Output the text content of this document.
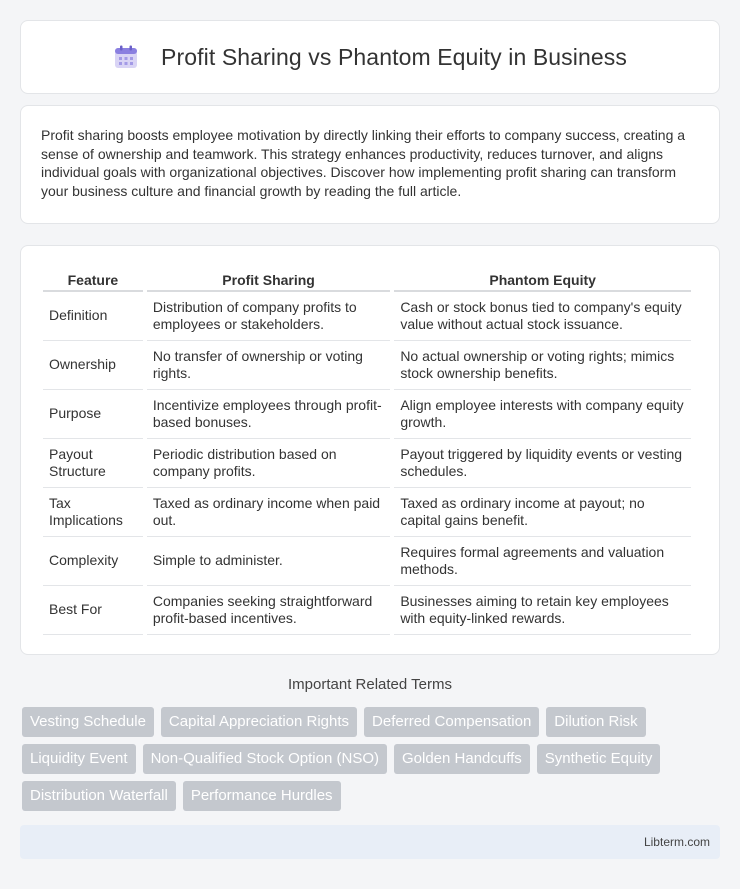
Profit Sharing vs Phantom Equity in Business

Profit sharing boosts employee motivation by directly linking their efforts to company success, creating a sense of ownership and teamwork. This strategy enhances productivity, reduces turnover, and aligns individual goals with organizational objectives. Discover how implementing profit sharing can transform your business culture and financial growth by reading the full article.

Feature	Profit Sharing	Phantom Equity
Definition	Distribution of company profits to employees or stakeholders.	Cash or stock bonus tied to company's equity value without actual stock issuance.
Ownership	No transfer of ownership or voting rights.	No actual ownership or voting rights; mimics stock ownership benefits.
Purpose	Incentivize employees through profit-based bonuses.	Align employee interests with company equity growth.
Payout Structure	Periodic distribution based on company profits.	Payout triggered by liquidity events or vesting schedules.
Tax Implications	Taxed as ordinary income when paid out.	Taxed as ordinary income at payout; no capital gains benefit.
Complexity	Simple to administer.	Requires formal agreements and valuation methods.
Best For	Companies seeking straightforward profit-based incentives.	Businesses aiming to retain key employees with equity-linked rewards.
Important Related Terms
Vesting Schedule	Capital Appreciation Rights	Deferred Compensation	Dilution Risk
Liquidity Event	Non-Qualified Stock Option (NSO)	Golden Handcuffs	Synthetic Equity
Distribution Waterfall	Performance Hurdles
Libterm.com
